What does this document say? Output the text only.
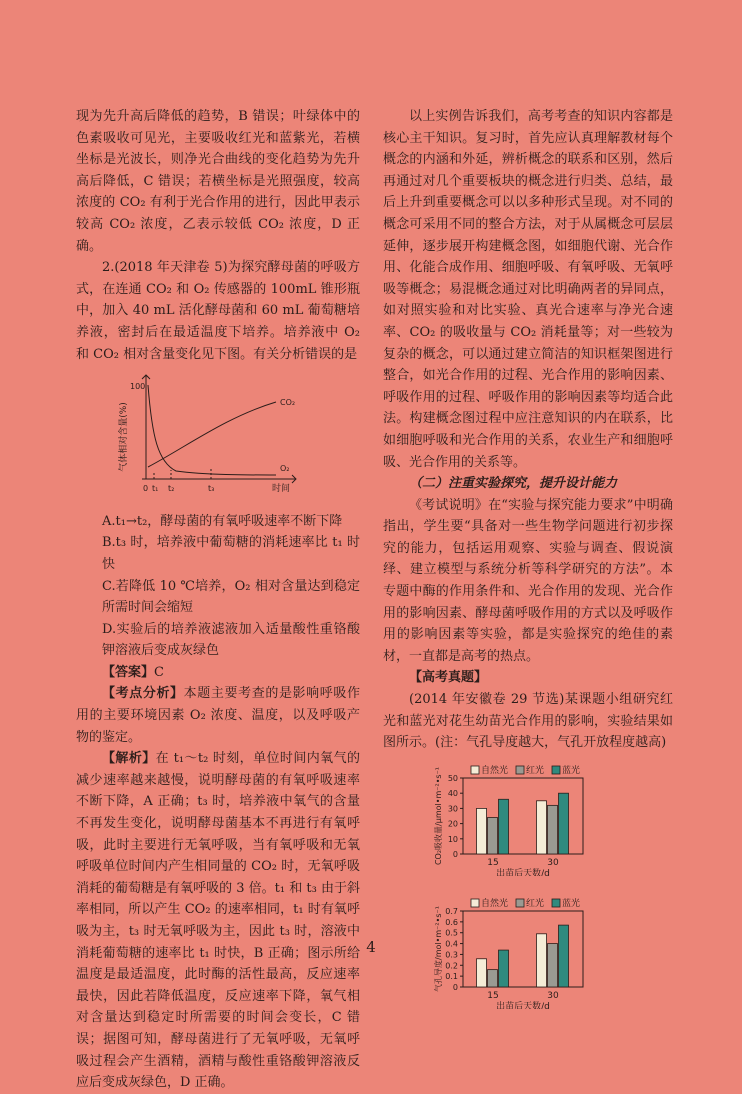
现为先升高后降低的趋势，B 错误；叶绿体中的色素吸收可见光，主要吸收红光和蓝紫光，若横坐标是光波长，则净光合曲线的变化趋势为先升高后降低，C 错误；若横坐标是光照强度，较高浓度的 CO₂ 有利于光合作用的进行，因此甲表示较高 CO₂ 浓度，乙表示较低 CO₂ 浓度，D 正确。

2.(2018 年天津卷 5)为探究酵母菌的呼吸方式，在连通 CO₂ 和 O₂ 传感器的 100mL 锥形瓶中，加入 40 mL 活化酵母菌和 60 mL 葡萄糖培养液，密封后在最适温度下培养。培养液中 O₂ 和 CO₂ 相对含量变化见下图。有关分析错误的是

气体相对含量(%)
100
0 t₁ t₂	t₃	时间
CO₂
O₂

A.t₁→t₂，酵母菌的有氧呼吸速率不断下降

B.t₃ 时，培养液中葡萄糖的消耗速率比 t₁ 时快

C.若降低 10 ℃培养，O₂ 相对含量达到稳定所需时间会缩短

D.实验后的培养液滤液加入适量酸性重铬酸钾溶液后变成灰绿色

【答案】C

【考点分析】本题主要考查的是影响呼吸作用的主要环境因素 O₂ 浓度、温度，以及呼吸产物的鉴定。

【解析】在 t₁～t₂ 时刻，单位时间内氧气的减少速率越来越慢，说明酵母菌的有氧呼吸速率不断下降，A 正确；t₃ 时，培养液中氧气的含量不再发生变化，说明酵母菌基本不再进行有氧呼吸，此时主要进行无氧呼吸，当有氧呼吸和无氧呼吸单位时间内产生相同量的 CO₂ 时，无氧呼吸消耗的葡萄糖是有氧呼吸的 3 倍。t₁ 和 t₃ 由于斜率相同，所以产生 CO₂ 的速率相同，t₁ 时有氧呼吸为主，t₃ 时无氧呼吸为主，因此 t₃ 时，溶液中消耗葡萄糖的速率比 t₁ 时快，B 正确；图示所给温度是最适温度，此时酶的活性最高，反应速率最快，因此若降低温度，反应速率下降，氧气相对含量达到稳定时所需要的时间会变长，C 错误；据图可知，酵母菌进行了无氧呼吸，无氧呼吸过程会产生酒精，酒精与酸性重铬酸钾溶液反应后变成灰绿色，D 正确。

以上实例告诉我们，高考考查的知识内容都是核心主干知识。复习时，首先应认真理解教材每个概念的内涵和外延，辨析概念的联系和区别，然后再通过对几个重要板块的概念进行归类、总结，最后上升到重要概念可以以多种形式呈现。对不同的概念可采用不同的整合方法，对于从属概念可层层延伸，逐步展开构建概念图，如细胞代谢、光合作用、化能合成作用、细胞呼吸、有氧呼吸、无氧呼吸等概念；易混概念通过对比明确两者的异同点，如对照实验和对比实验、真光合速率与净光合速率、CO₂ 的吸收量与 CO₂ 消耗量等；对一些较为复杂的概念，可以通过建立简洁的知识框架图进行整合，如光合作用的过程、光合作用的影响因素、呼吸作用的过程、呼吸作用的影响因素等均适合此法。构建概念图过程中应注意知识的内在联系，比如细胞呼吸和光合作用的关系，农业生产和细胞呼吸、光合作用的关系等。

（二）注重实验探究，提升设计能力

《考试说明》在“实验与探究能力要求”中明确指出，学生要“具备对一些生物学问题进行初步探究的能力，包括运用观察、实验与调查、假说演绎、建立模型与系统分析等科学研究的方法”。本专题中酶的作用条件和、光合作用的发现、光合作用的影响因素、酵母菌呼吸作用的方式以及呼吸作用的影响因素等实验，都是实验探究的绝佳的素材，一直都是高考的热点。

【高考真题】

(2014 年安徽卷 29 节选)某课题小组研究红光和蓝光对花生幼苗光合作用的影响，实验结果如图所示。(注：气孔导度越大，气孔开放程度越高)

CO₂吸收量/μmol•m⁻²•s⁻¹ 0
10
20
30
40
50
15	30
出苗后天数/d
自然光 红光 蓝光
气孔导度/mol•m⁻²•s⁻¹ 0
0.1
0.2
0.3
0.4
0.5
0.6
0.7
15	30
出苗后天数/d
自然光 红光 蓝光
4
